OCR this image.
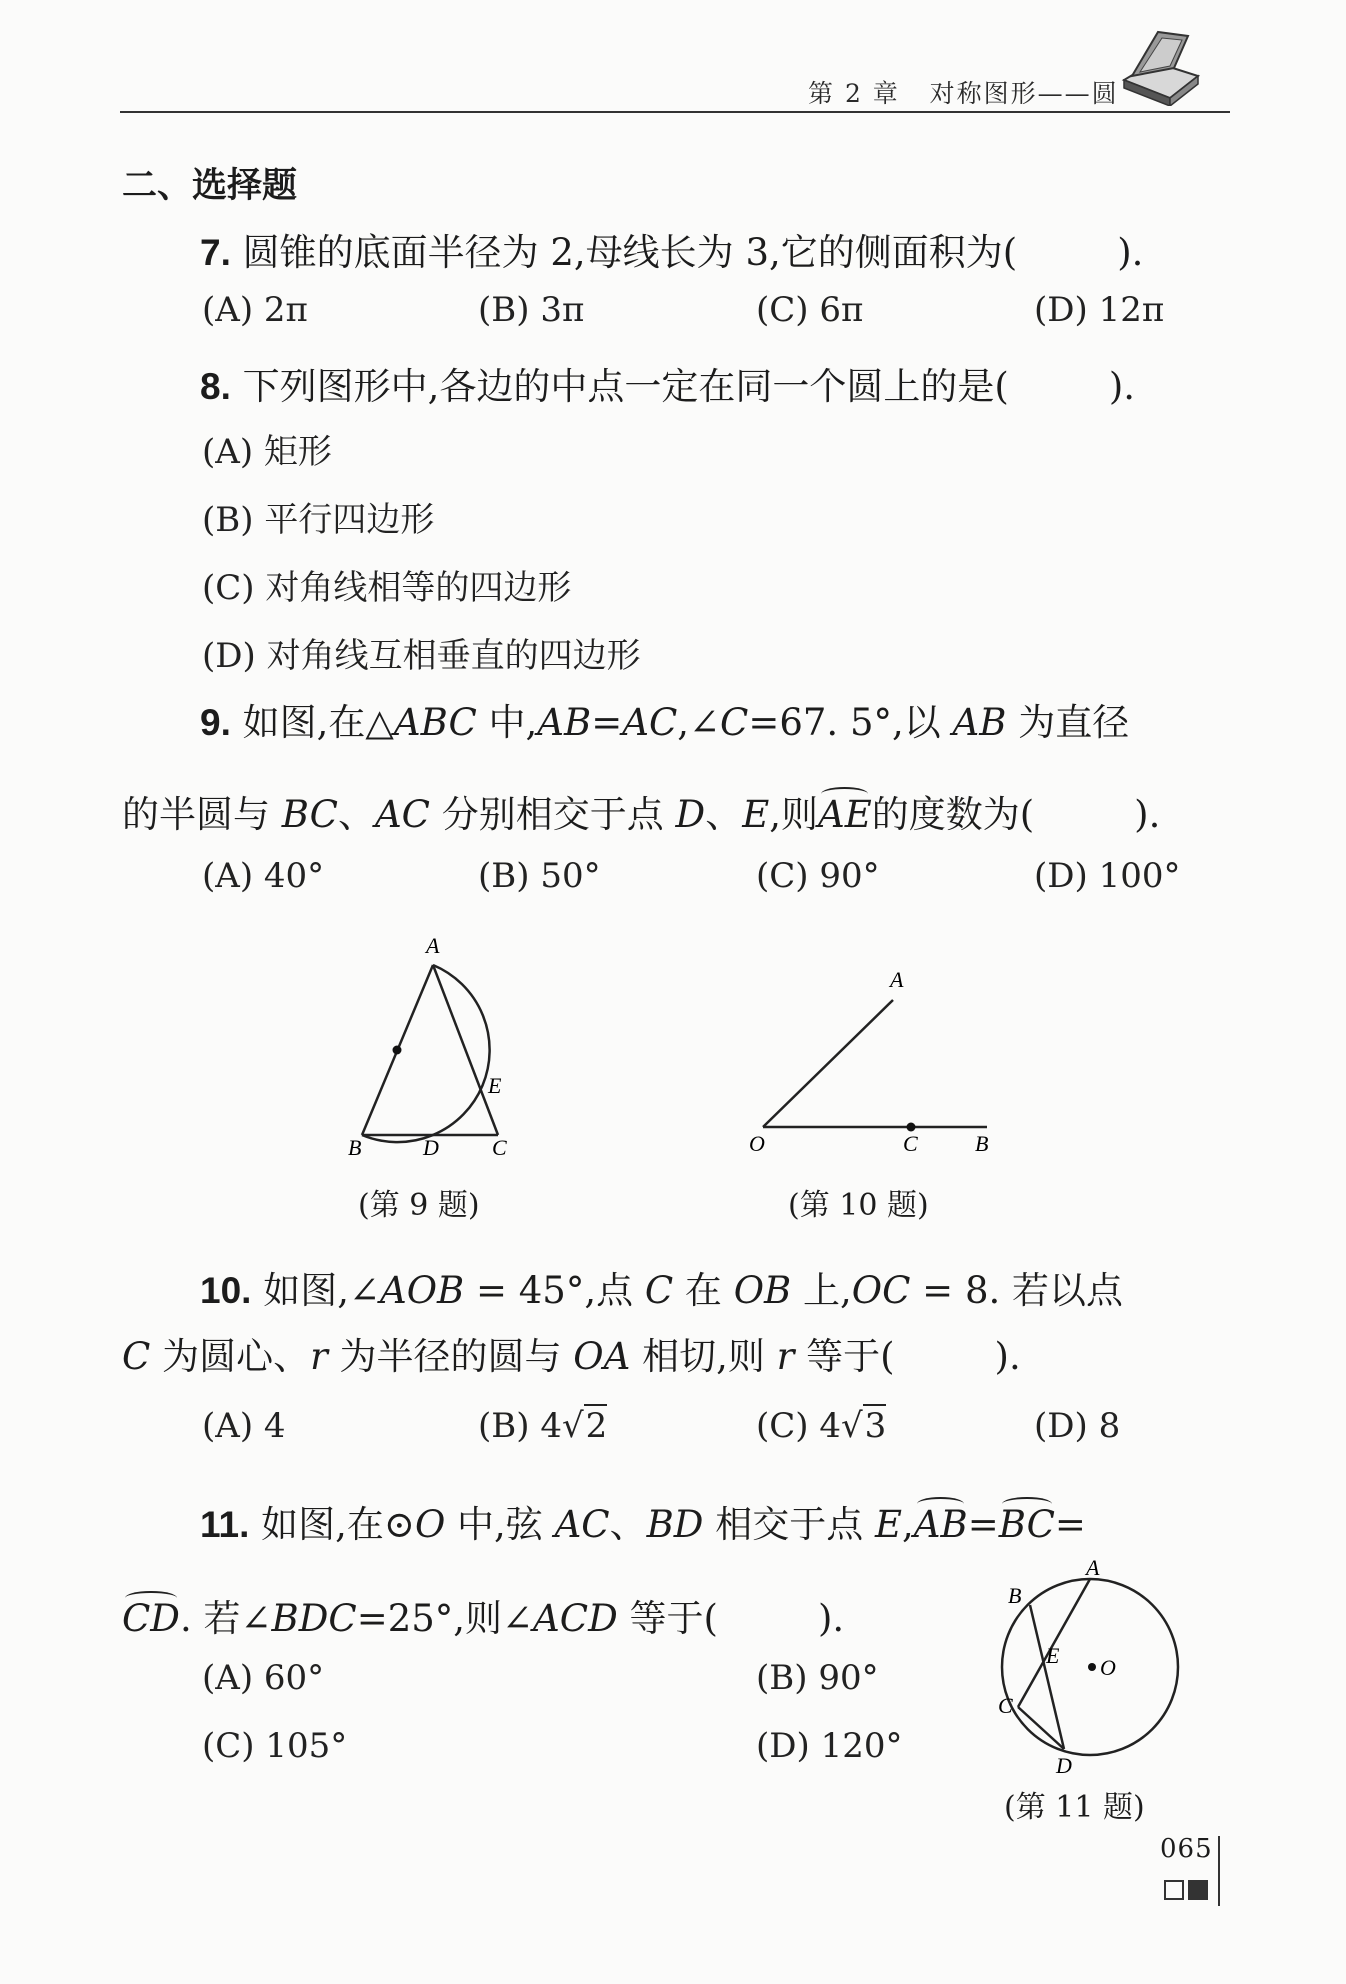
第 2 章 对称图形——圆
二、选择题
7. 圆锥的底面半径为 2,母线长为 3,它的侧面积为(	).
(A) 2π	(B) 3π	(C) 6π	(D) 12π
8. 下列图形中,各边的中点一定在同一个圆上的是(	).
(A) 矩形
(B) 平行四边形
(C) 对角线相等的四边形
(D) 对角线互相垂直的四边形
9. 如图,在△ABC 中,AB=AC,∠C=67. 5°,以 AB 为直径
的半圆与 BC、AC 分别相交于点 D、E,则AE的度数为(	).
(A) 40°	(B) 50°	(C) 90°	(D) 100°
A
B	D C
E
(第 9 题)
A
O	C	B
(第 10 题)
10. 如图,∠AOB = 45°,点 C 在 OB 上,OC = 8. 若以点
C 为圆心、r 为半径的圆与 OA 相切,则 r 等于(	).
(A) 4	(B) 4√2	(C) 4√3	(D) 8
11. 如图,在⊙O 中,弦 AC、BD 相交于点 E,AB=BC=
CD. 若∠BDC=25°,则∠ACD 等于(	).
(A) 60°	(B) 90°
(C) 105°	(D) 120°
A
B
E O
C
D
(第 11 题)
065
